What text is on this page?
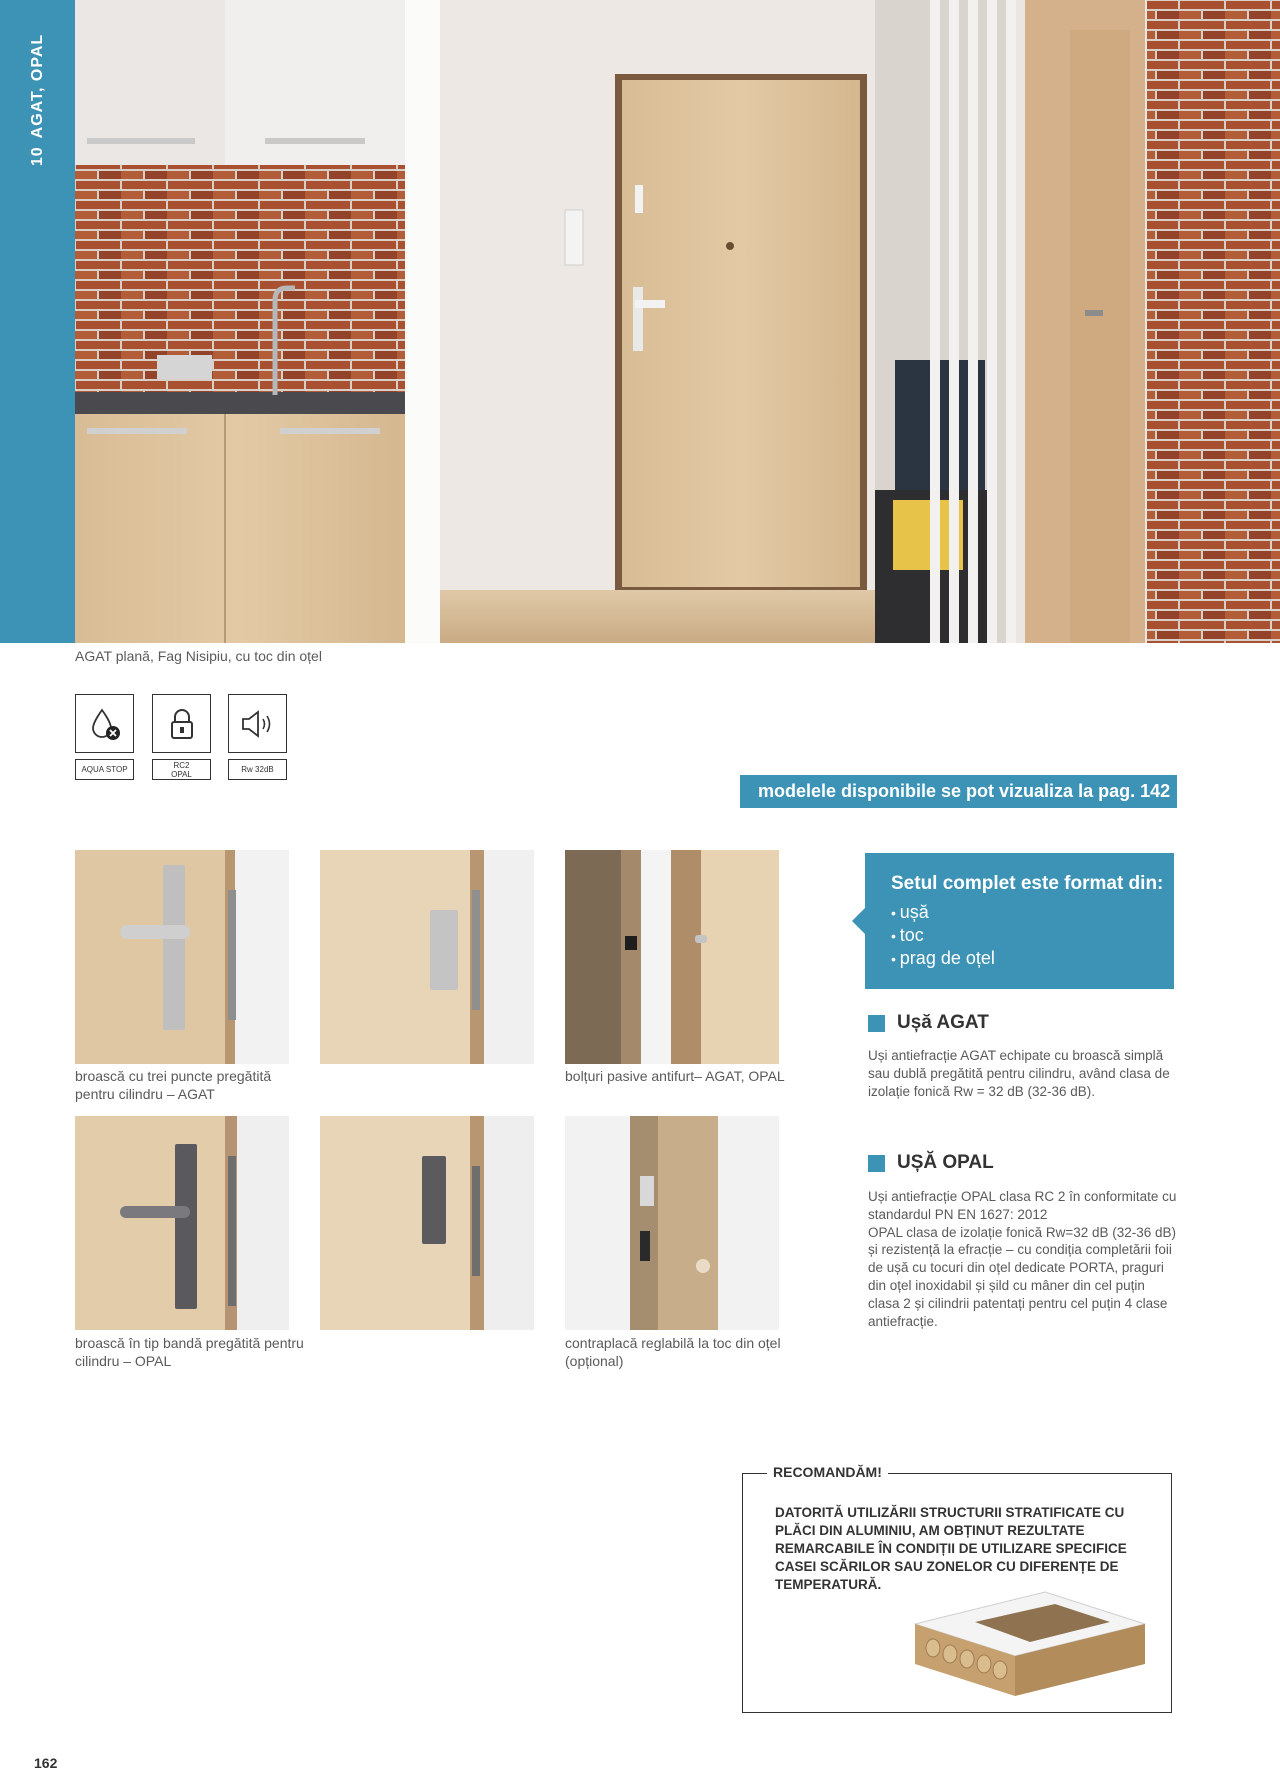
10AGAT, OPAL
AGAT plană, Fag Nisipiu, cu toc din oțel
AQUA STOP	RC2
OPAL	Rw 32dB
modelele disponibile se pot vizualiza la pag. 142
broască cu trei puncte pregătită pentru cilindru – AGAT
bolțuri pasive antifurt– AGAT, OPAL
broască în tip bandă pregătită pentru cilindru – OPAL
contraplacă reglabilă la toc din oțel (opțional)
Setul complet este format din:
• ușă
• toc
• prag de oțel
Ușă AGAT
Uși antiefracție AGAT echipate cu broască simplă sau dublă pregătită pentru cilindru, având clasa de izolație fonică Rw = 32 dB (32-36 dB).
UȘĂ OPAL
Uși antiefracție OPAL clasa RC 2 în conformitate cu standardul PN EN 1627: 2012
OPAL clasa de izolație fonică Rw=32 dB (32-36 dB) și rezistență la efracție – cu condiția completării foii de ușă cu tocuri din oțel dedicate PORTA, praguri din oțel inoxidabil și șild cu mâner din cel puțin clasa 2 și cilindrii patentați pentru cel puțin 4 clase antiefracție.
RECOMANDĂM!
DATORITĂ UTILIZĂRII STRUCTURII STRATIFICATE CU PLĂCI DIN ALUMINIU, AM OBȚINUT REZULTATE REMARCABILE ÎN CONDIȚII DE UTILIZARE SPECIFICE CASEI SCĂRILOR SAU ZONELOR CU DIFERENȚE DE TEMPERATURĂ.
162
